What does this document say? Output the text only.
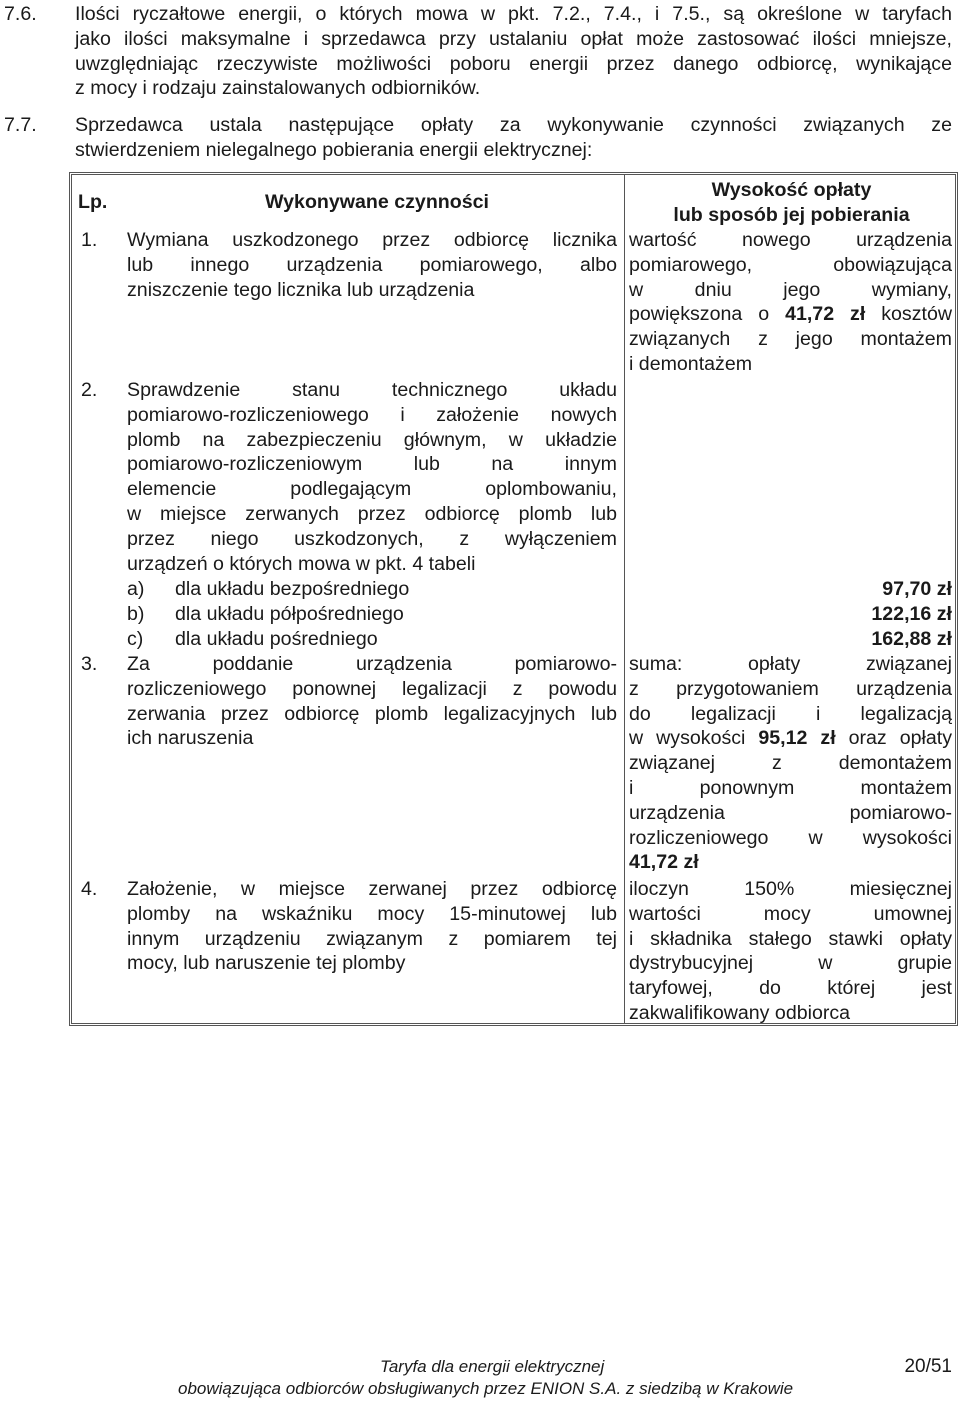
7.6. Ilości ryczałtowe energii, o których mowa w pkt. 7.2., 7.4., i 7.5., są określone w taryfach
jako ilości maksymalne i sprzedawca przy ustalaniu opłat może zastosować ilości mniejsze,
uwzględniając rzeczywiste możliwości poboru energii przez danego odbiorcę, wynikające
z mocy i rodzaju zainstalowanych odbiorników.
7.7. Sprzedawca ustala następujące opłaty za wykonywanie czynności związanych ze
stwierdzeniem nielegalnego pobierania energii elektrycznej:
Lp.	Wykonywane czynności
Wysokość opłaty
lub sposób jej pobierania
1. Wymiana uszkodzonego przez odbiorcę licznika
lub innego urządzenia pomiarowego, albo
zniszczenie tego licznika lub urządzenia
wartość nowego urządzenia
pomiarowego, obowiązująca
w dniu jego wymiany,
powiększona o 41,72 zł kosztów
związanych z jego montażem
i demontażem
2. Sprawdzenie stanu technicznego układu
pomiarowo-rozliczeniowego i założenie nowych
plomb na zabezpieczeniu głównym, w układzie
pomiarowo-rozliczeniowym lub na innym
elemencie podlegającym oplombowaniu,
w miejsce zerwanych przez odbiorcę plomb lub
przez niego uszkodzonych, z wyłączeniem
urządzeń o których mowa w pkt. 4 tabeli
a) dla układu bezpośredniego
b) dla układu półpośredniego
c) dla układu pośredniego
97,70 zł
122,16 zł
162,88 zł
3. Za poddanie urządzenia pomiarowo-
rozliczeniowego ponownej legalizacji z powodu
zerwania przez odbiorcę plomb legalizacyjnych lub
ich naruszenia
suma: opłaty związanej
z przygotowaniem urządzenia
do legalizacji i legalizacją
w wysokości 95,12 zł oraz opłaty
związanej z demontażem
i ponownym montażem
urządzenia pomiarowo-
rozliczeniowego w wysokości
41,72 zł
4. Założenie, w miejsce zerwanej przez odbiorcę
plomby na wskaźniku mocy 15-minutowej lub
innym urządzeniu związanym z pomiarem tej
mocy, lub naruszenie tej plomby
iloczyn 150% miesięcznej
wartości mocy umownej
i składnika stałego stawki opłaty
dystrybucyjnej w grupie
taryfowej, do której jest
zakwalifikowany odbiorca
Taryfa dla energii elektrycznej
obowiązująca odbiorców obsługiwanych przez ENION S.A. z siedzibą w Krakowie
20/51
